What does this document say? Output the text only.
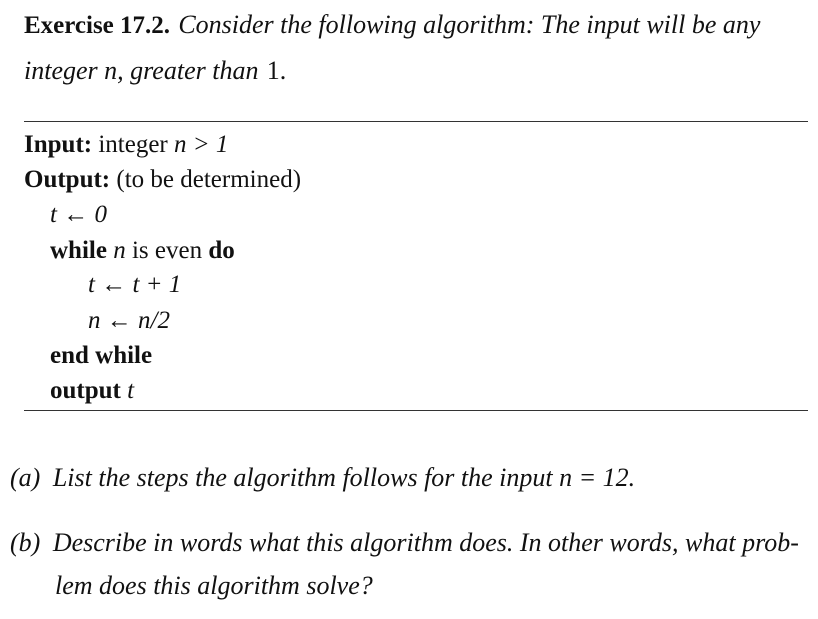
Exercise 17.2. Consider the following algorithm: The input will be any
integer n, greater than 1.
Input: integer n > 1
Output: (to be determined)
t ← 0
while n is even do
t ← t + 1
n ← n/2
end while
output t
(a) List the steps the algorithm follows for the input n = 12.
(b) Describe in words what this algorithm does. In other words, what prob-
lem does this algorithm solve?
